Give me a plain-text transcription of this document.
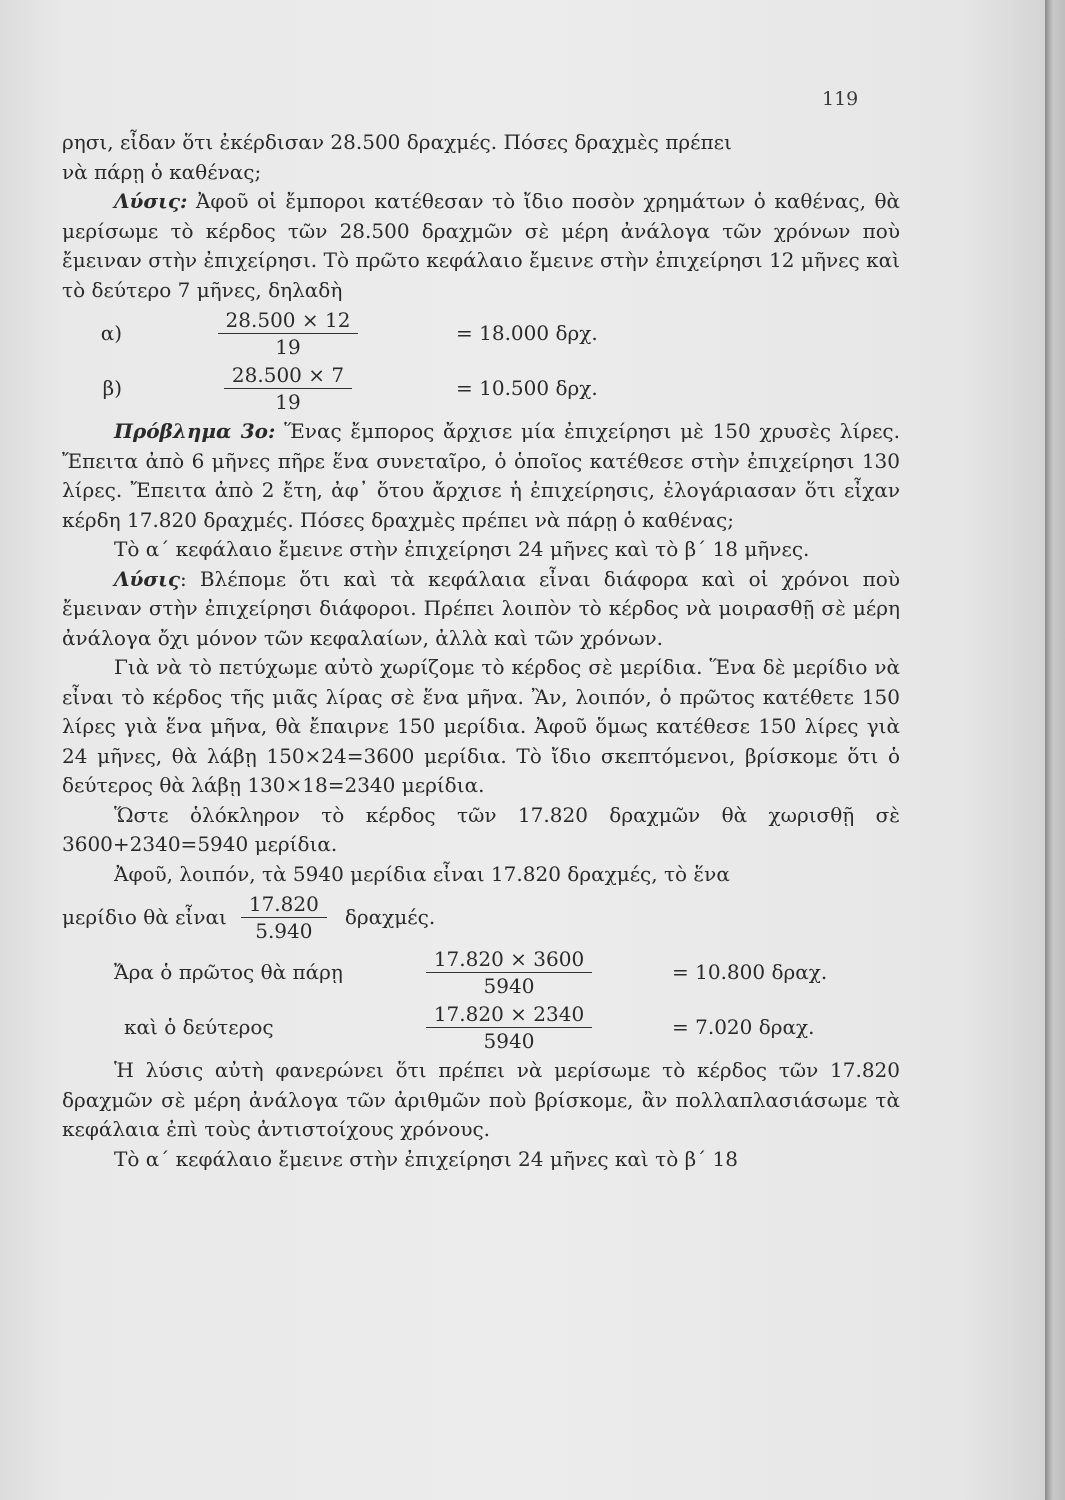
119

ρησι, εἶδαν ὅτι ἐκέρδισαν 28.500 δραχμές. Πόσες δραχμὲς πρέπει

νὰ πάρῃ ὁ καθένας;

Λύσις: Ἀφοῦ οἱ ἔμποροι κατέθεσαν τὸ ἴδιο ποσὸν χρημάτων ὁ καθένας, θὰ μερίσωμε τὸ κέρδος τῶν 28.500 δραχμῶν σὲ μέρη ἀνάλογα τῶν χρόνων ποὺ ἔμειναν στὴν ἐπιχείρησι. Τὸ πρῶτο κεφάλαιο ἔμεινε στὴν ἐπιχείρησι 12 μῆνες καὶ τὸ δεύτερο 7 μῆνες, δηλαδὴ

$\alpha) \frac{28.500 \times 12}{19} = 18.000$ δρχ.
$\beta) \frac{28.500 \times 7}{19} = 10.500$ δρχ.

Πρόβλημα 3ο: Ἕνας ἔμπορος ἄρχισε μία ἐπιχείρησι μὲ 150 χρυσὲς λίρες. Ἔπειτα ἀπὸ 6 μῆνες πῆρε ἕνα συνεταῖρο, ὁ ὁποῖος κατέθεσε στὴν ἐπιχείρησι 130 λίρες. Ἔπειτα ἀπὸ 2 ἔτη, ἀφ᾽ ὅτου ἄρχισε ἡ ἐπιχείρησις, ἐλογάριασαν ὅτι εἶχαν κέρδη 17.820 δραχμές. Πόσες δραχμὲς πρέπει νὰ πάρῃ ὁ καθένας;

Τὸ α´ κεφάλαιο ἔμεινε στὴν ἐπιχείρησι 24 μῆνες καὶ τὸ β´ 18 μῆνες.

Λύσις: Βλέπομε ὅτι καὶ τὰ κεφάλαια εἶναι διάφορα καὶ οἱ χρόνοι ποὺ ἔμειναν στὴν ἐπιχείρησι διάφοροι. Πρέπει λοιπὸν τὸ κέρδος νὰ μοιρασθῇ σὲ μέρη ἀνάλογα ὄχι μόνον τῶν κεφαλαίων, ἀλλὰ καὶ τῶν χρόνων.

Γιὰ νὰ τὸ πετύχωμε αὐτὸ χωρίζομε τὸ κέρδος σὲ μερίδια. Ἕνα δὲ μερίδιο νὰ εἶναι τὸ κέρδος τῆς μιᾶς λίρας σὲ ἕνα μῆνα. Ἂν, λοιπόν, ὁ πρῶτος κατέθετε 150 λίρες γιὰ ἕνα μῆνα, θὰ ἔπαιρνε 150 μερίδια. Ἀφοῦ ὅμως κατέθεσε 150 λίρες γιὰ 24 μῆνες, θὰ λάβῃ 150×24=3600 μερίδια. Τὸ ἴδιο σκεπτόμενοι, βρίσκομε ὅτι ὁ δεύτερος θὰ λάβῃ 130×18=2340 μερίδια.

Ὥστε ὁλόκληρον τὸ κέρδος τῶν 17.820 δραχμῶν θὰ χωρισθῇ σὲ 3600+2340=5940 μερίδια.

Ἀφοῦ, λοιπόν, τὰ 5940 μερίδια εἶναι 17.820 δραχμές, τὸ ἕνα

μερίδιο θὰ εἶναι $\frac{17.820}{5.940} \delta\rho\alpha\chi\mu έ\varsigma$.
Ἄρα ὁ πρῶτος θὰ πάρῃ	$\frac{17.820 \times 3600}{5940} = 10.800$ δραχ.
καὶ ὁ δεύτερος	$\frac{17.820 \times 2340}{5940} = 7.020$ δραχ.

Ἡ λύσις αὐτὴ φανερώνει ὅτι πρέπει νὰ μερίσωμε τὸ κέρδος τῶν 17.820 δραχμῶν σὲ μέρη ἀνάλογα τῶν ἀριθμῶν ποὺ βρίσκομε, ἂν πολλαπλασιάσωμε τὰ κεφάλαια ἐπὶ τοὺς ἀντιστοίχους χρόνους.

Τὸ α´ κεφάλαιο ἔμεινε στὴν ἐπιχείρησι 24 μῆνες καὶ τὸ β´ 18
